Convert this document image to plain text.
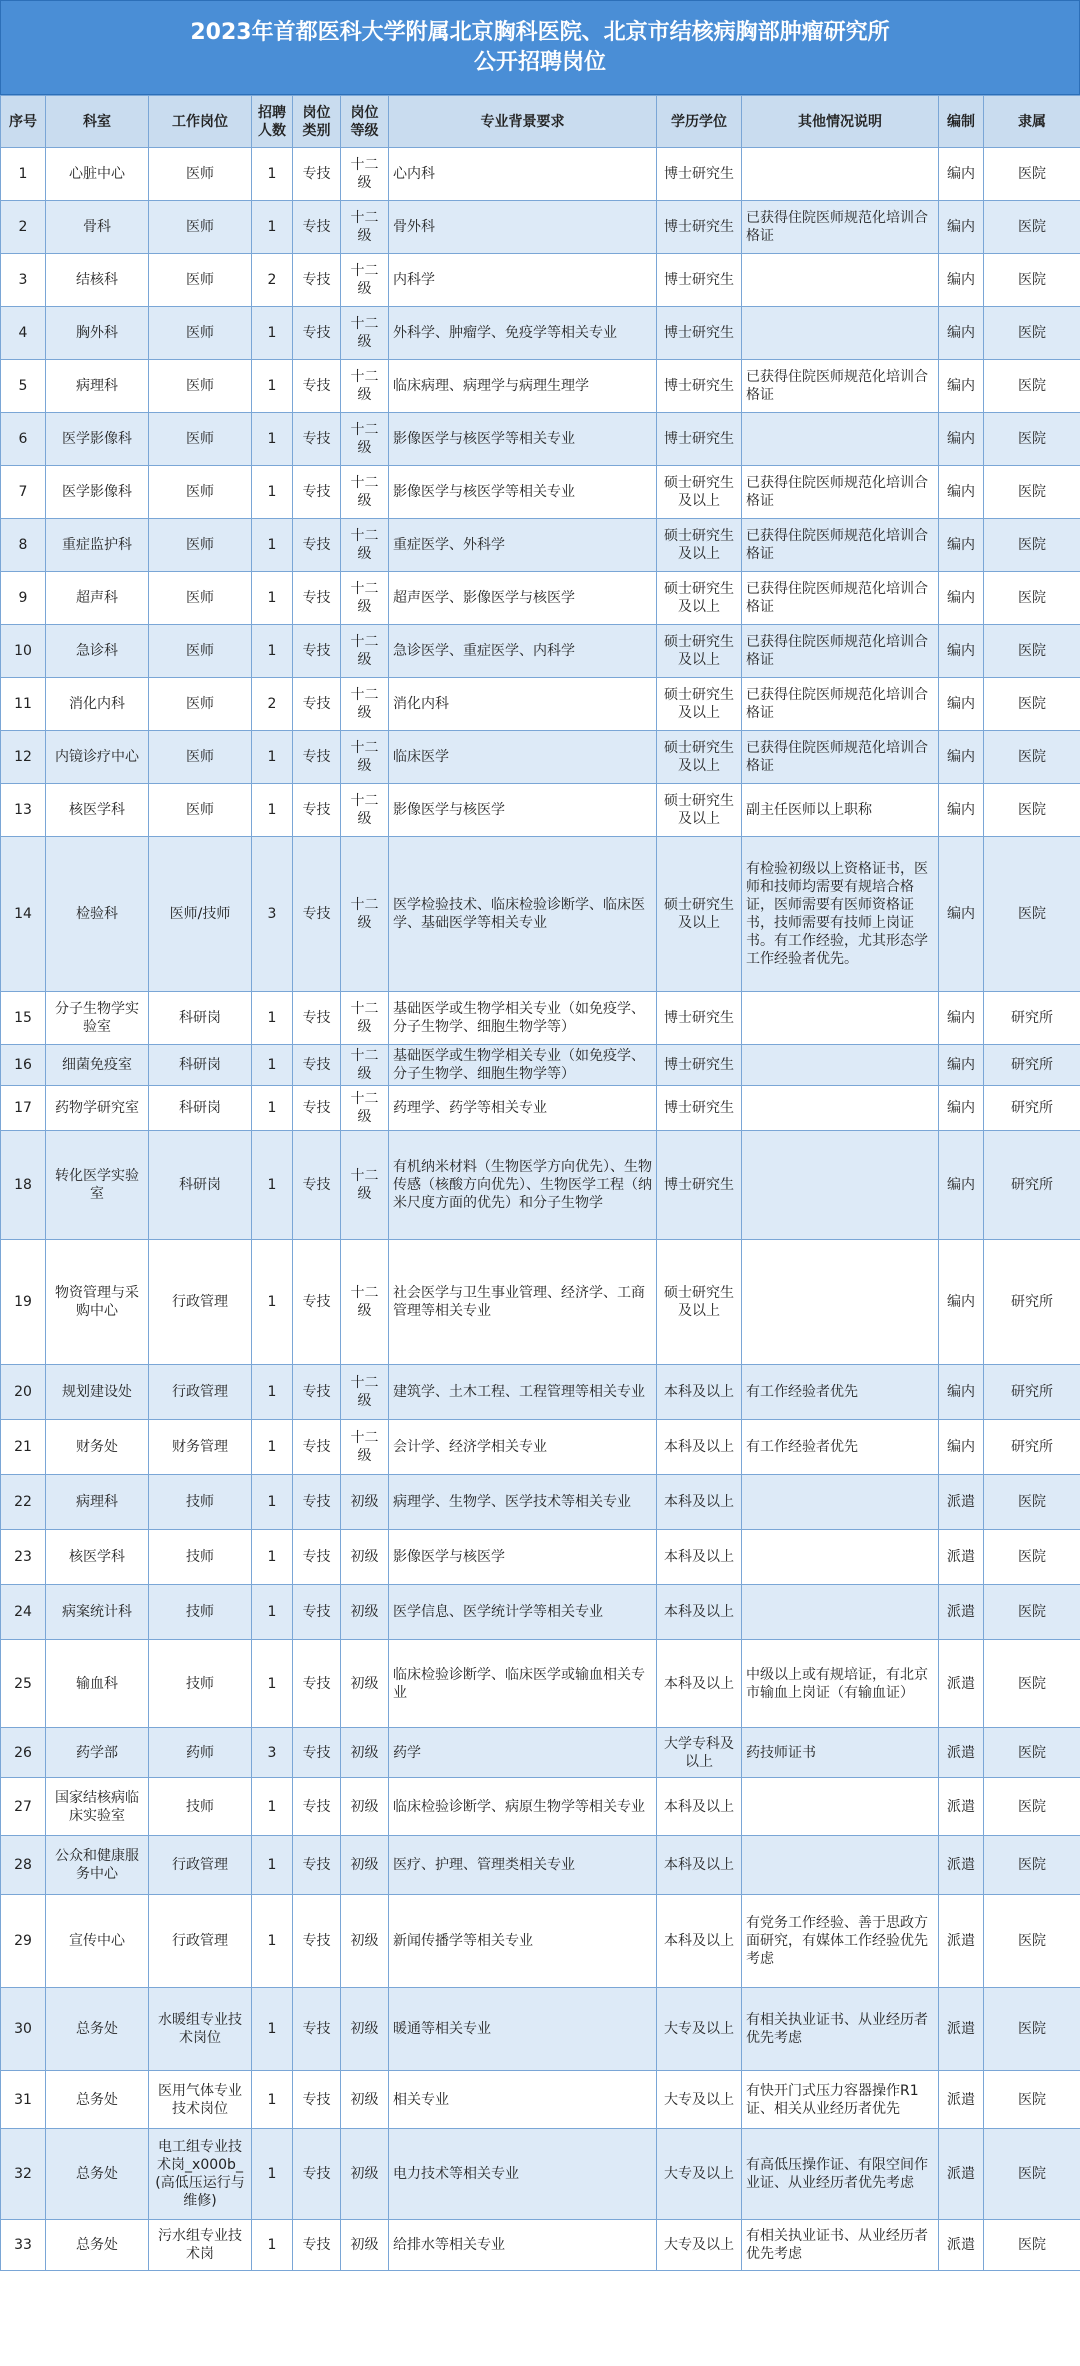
2023年首都医科大学附属北京胸科医院、北京市结核病胸部肿瘤研究所
公开招聘岗位
序号	科室	工作岗位	招聘人数	岗位类别	岗位等级	专业背景要求	学历学位	其他情况说明	编制	隶属
1	心脏中心	医师	1	专技	十二级	心内科	博士研究生		编内	医院
2	骨科	医师	1	专技	十二级	骨外科	博士研究生	已获得住院医师规范化培训合格证	编内	医院
3	结核科	医师	2	专技	十二级	内科学	博士研究生		编内	医院
4	胸外科	医师	1	专技	十二级	外科学、肿瘤学、免疫学等相关专业	博士研究生		编内	医院
5	病理科	医师	1	专技	十二级	临床病理、病理学与病理生理学	博士研究生	已获得住院医师规范化培训合格证	编内	医院
6	医学影像科	医师	1	专技	十二级	影像医学与核医学等相关专业	博士研究生		编内	医院
7	医学影像科	医师	1	专技	十二级	影像医学与核医学等相关专业	硕士研究生及以上	已获得住院医师规范化培训合格证	编内	医院
8	重症监护科	医师	1	专技	十二级	重症医学、外科学	硕士研究生及以上	已获得住院医师规范化培训合格证	编内	医院
9	超声科	医师	1	专技	十二级	超声医学、影像医学与核医学	硕士研究生及以上	已获得住院医师规范化培训合格证	编内	医院
10	急诊科	医师	1	专技	十二级	急诊医学、重症医学、内科学	硕士研究生及以上	已获得住院医师规范化培训合格证	编内	医院
11	消化内科	医师	2	专技	十二级	消化内科	硕士研究生及以上	已获得住院医师规范化培训合格证	编内	医院
12	内镜诊疗中心	医师	1	专技	十二级	临床医学	硕士研究生及以上	已获得住院医师规范化培训合格证	编内	医院
13	核医学科	医师	1	专技	十二级	影像医学与核医学	硕士研究生及以上	副主任医师以上职称	编内	医院
14	检验科	医师/技师	3	专技	十二级	医学检验技术、临床检验诊断学、临床医学、基础医学等相关专业	硕士研究生及以上	有检验初级以上资格证书，医师和技师均需要有规培合格证，医师需要有医师资格证书，技师需要有技师上岗证书。有工作经验，尤其形态学工作经验者优先。	编内	医院
15	分子生物学实验室	科研岗	1	专技	十二级	基础医学或生物学相关专业（如免疫学、分子生物学、细胞生物学等）	博士研究生		编内	研究所
16	细菌免疫室	科研岗	1	专技	十二级	基础医学或生物学相关专业（如免疫学、分子生物学、细胞生物学等）	博士研究生		编内	研究所
17	药物学研究室	科研岗	1	专技	十二级	药理学、药学等相关专业	博士研究生		编内	研究所
18	转化医学实验室	科研岗	1	专技	十二级	有机纳米材料（生物医学方向优先）、生物传感（核酸方向优先）、生物医学工程（纳米尺度方面的优先）和分子生物学	博士研究生		编内	研究所
19	物资管理与采购中心	行政管理	1	专技	十二级	社会医学与卫生事业管理、经济学、工商管理等相关专业	硕士研究生及以上		编内	研究所
20	规划建设处	行政管理	1	专技	十二级	建筑学、土木工程、工程管理等相关专业	本科及以上	有工作经验者优先	编内	研究所
21	财务处	财务管理	1	专技	十二级	会计学、经济学相关专业	本科及以上	有工作经验者优先	编内	研究所
22	病理科	技师	1	专技	初级	病理学、生物学、医学技术等相关专业	本科及以上		派遣	医院
23	核医学科	技师	1	专技	初级	影像医学与核医学	本科及以上		派遣	医院
24	病案统计科	技师	1	专技	初级	医学信息、医学统计学等相关专业	本科及以上		派遣	医院
25	输血科	技师	1	专技	初级	临床检验诊断学、临床医学或输血相关专业	本科及以上	中级以上或有规培证，有北京市输血上岗证（有输血证）	派遣	医院
26	药学部	药师	3	专技	初级	药学	大学专科及以上	药技师证书	派遣	医院
27	国家结核病临床实验室	技师	1	专技	初级	临床检验诊断学、病原生物学等相关专业	本科及以上		派遣	医院
28	公众和健康服务中心	行政管理	1	专技	初级	医疗、护理、管理类相关专业	本科及以上		派遣	医院
29	宣传中心	行政管理	1	专技	初级	新闻传播学等相关专业	本科及以上	有党务工作经验、善于思政方面研究，有媒体工作经验优先考虑	派遣	医院
30	总务处	水暖组专业技术岗位	1	专技	初级	暖通等相关专业	大专及以上	有相关执业证书、从业经历者优先考虑	派遣	医院
31	总务处	医用气体专业技术岗位	1	专技	初级	相关专业	大专及以上	有快开门式压力容器操作R1证、相关从业经历者优先	派遣	医院
32	总务处	电工组专业技术岗_x000b_(高低压运行与维修)	1	专技	初级	电力技术等相关专业	大专及以上	有高低压操作证、有限空间作业证、从业经历者优先考虑	派遣	医院
33	总务处	污水组专业技术岗	1	专技	初级	给排水等相关专业	大专及以上	有相关执业证书、从业经历者优先考虑	派遣	医院
